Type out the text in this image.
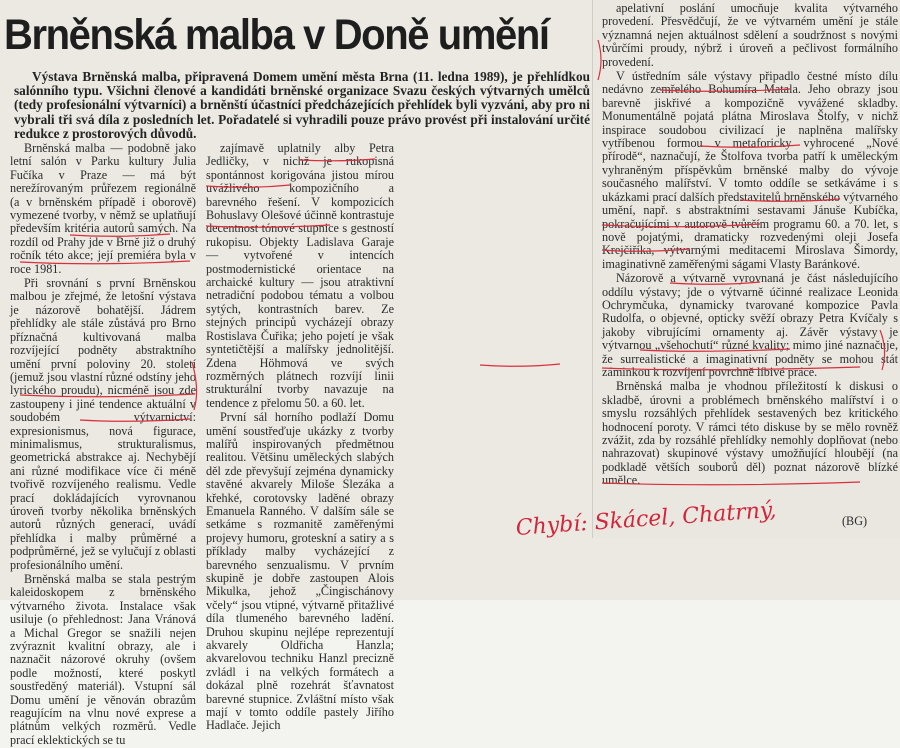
Brněnská malba v Doně umění
Výstava Brněnská malba, připravená Domem umění města Brna (11. ledna 1989), je přehlídkou salónního typu. Všichni členové a kandidáti brněnské organizace Svazu českých výtvarných umělců (tedy profesionální výtvarníci) a brněnští účastníci předcházejících přehlídek byli vyzváni, aby pro ni vybrali tři svá díla z posledních let. Pořadatelé si vyhradili pouze právo provést při instalování určité redukce z prostorových důvodů.

Brněnská malba — podobně jako letní salón v Parku kultury Julia Fučíka v Praze — má být nerežírovaným průřezem regionálně (a v brněnském případě i oborově) vymezené tvorby, v němž se uplatňují především kritéria autorů samých. Na rozdíl od Prahy jde v Brně již o druhý ročník této akce; její premiéra byla v roce 1981.

Při srovnání s první Brněnskou malbou je zřejmé, že letošní výstava je názorově bohatější. Jádrem přehlídky ale stále zůstává pro Brno příznačná kultivovaná malba rozvíjející podněty abstraktního umění první poloviny 20. století (jemuž jsou vlastní různé odstíny jeho lyrického proudu), nicméně jsou zde zastoupeny i jiné tendence aktuální v soudobém výtvarnictví: expresionismus, nová figurace, minimalismus, strukturalismus, geometrická abstrakce aj. Nechybějí ani různé modifikace více či méně tvořivě rozvíjeného realismu. Vedle prací dokládajících vyrovnanou úroveň tvorby několika brněnských autorů různých generací, uvádí přehlídka i malby průměrné a podprůměrné, jež se vylučují z oblasti profesionálního umění.

Brněnská malba se stala pestrým kaleidoskopem z brněnského výtvarného života. Instalace však usiluje (o přehlednost: Jana Vránová a Michal Gregor se snažili nejen zvýraznit kvalitní obrazy, ale i naznačit názorové okruhy (ovšem podle možností, které poskytl soustředěný materiál). Vstupní sál Domu umění je věnován obrazům reagujícím na vlnu nové exprese a plátnům velkých rozměrů. Vedle prací eklektických se tu

zajímavě uplatnily alby Petra Jedličky, v nichž je rukopisná spontánnost korigována jistou mírou uvážlivého kompozičního a barevného řešení. V kompozicích Bohuslavy Olešové účinně kontrastuje decentnost tónové stupnice s gestností rukopisu. Objekty Ladislava Garaje — vytvořené v intencích postmodernistické orientace na archaické kultury — jsou atraktivní netradiční podobou tématu a volbou sytých, kontrastních barev. Ze stejných principů vycházejí obrazy Rostislava Čuřika; jeho pojetí je však syntetičtější a malířsky jednolitější. Zdena Höhmová ve svých rozměrných plátnech rozvíjí linii strukturální tvorby navazuje na tendence z přelomu 50. a 60. let.

První sál horního podlaží Domu umění soustřeďuje ukázky z tvorby malířů inspirovaných předmětnou realitou. Většinu uměleckých slabých děl zde převyšují zejména dynamicky stavěné akvarely Miloše Slezáka a křehké, corotovsky laděné obrazy Emanuela Ranného. V dalším sále se setkáme s rozmanitě zaměřenými projevy humoru, groteskní a satiry a s příklady malby vycházející z barevného senzualismu. V prvním skupině je dobře zastoupen Alois Mikulka, jehož „Čingischánovy včely“ jsou vtipné, výtvarně přitažlivé díla tlumeného barevného ladění. Druhou skupinu nejlépe reprezentují akvarely Oldřicha Hanzla; akvarelovou techniku Hanzl precizně zvládl i na velkých formátech a dokázal plně rozehrát šťavnatost barevné stupnice. Zvláštní místo však mají v tomto oddíle pastely Jiřího Hadlače. Jejich

apelativní poslání umocňuje kvalita výtvarného provedení. Přesvědčují, že ve výtvarném umění je stále významná nejen aktuálnost sdělení a soudržnost s novými tvůrčími proudy, nýbrž i úroveň a pečlivost formálního provedení.

V ústředním sále výstavy připadlo čestné místo dílu nedávno zemřelého Bohumíra Matala. Jeho obrazy jsou barevně jiskřivé a kompozičně vyvážené skladby. Monumentálně pojatá plátna Miroslava Štolfy, v nichž inspirace soudobou civilizací je naplněna malířsky vytříbenou formou v metaforicky vyhrocené „Nové přírodě“, naznačují, že Štolfova tvorba patří k uměleckým vyhraněným příspěvkům brněnské malby do vývoje současného malířství. V tomto oddíle se setkáváme i s ukázkami prací dalších představitelů brněnského výtvarného umění, např. s abstraktními sestavami Jánuše Kubíčka, pokračujícími v autorově tvůrčím programu 60. a 70. let, s nově pojatými, dramaticky rozvedenými oleji Josefa Krejčiříka, výtvarnými meditacemi Miroslava Šimordy, imaginativně zaměřenými ságami Vlasty Baránkové.

Názorově a výtvarně vyrovnaná je část následujícího oddílu výstavy; jde o výtvarně účinné realizace Leonida Ochrymčuka, dynamicky tvarované kompozice Pavla Rudolfa, o objevné, opticky svěží obrazy Petra Kvíčaly s jakoby vibrujícími ornamenty aj. Závěr výstavy je výtvarnou „všehochutí“ různé kvality; mimo jiné naznačuje, že surrealistické a imaginativní podněty se mohou stát záminkou k rozvíjení povrchně líbivé práce.

Brněnská malba je vhodnou příležitostí k diskusi o skladbě, úrovni a problémech brněnského malířství i o smyslu rozsáhlých přehlídek sestavených bez kritického hodnocení poroty. V rámci této diskuse by se mělo rovněž zvážit, zda by rozsáhlé přehlídky nemohly doplňovat (nebo nahrazovat) skupinové výstavy umožňující hloubějí (na podkladě větších souborů děl) poznat názorově blízké umělce.

(BG)
Chybí: Skácel, Chatrný,
